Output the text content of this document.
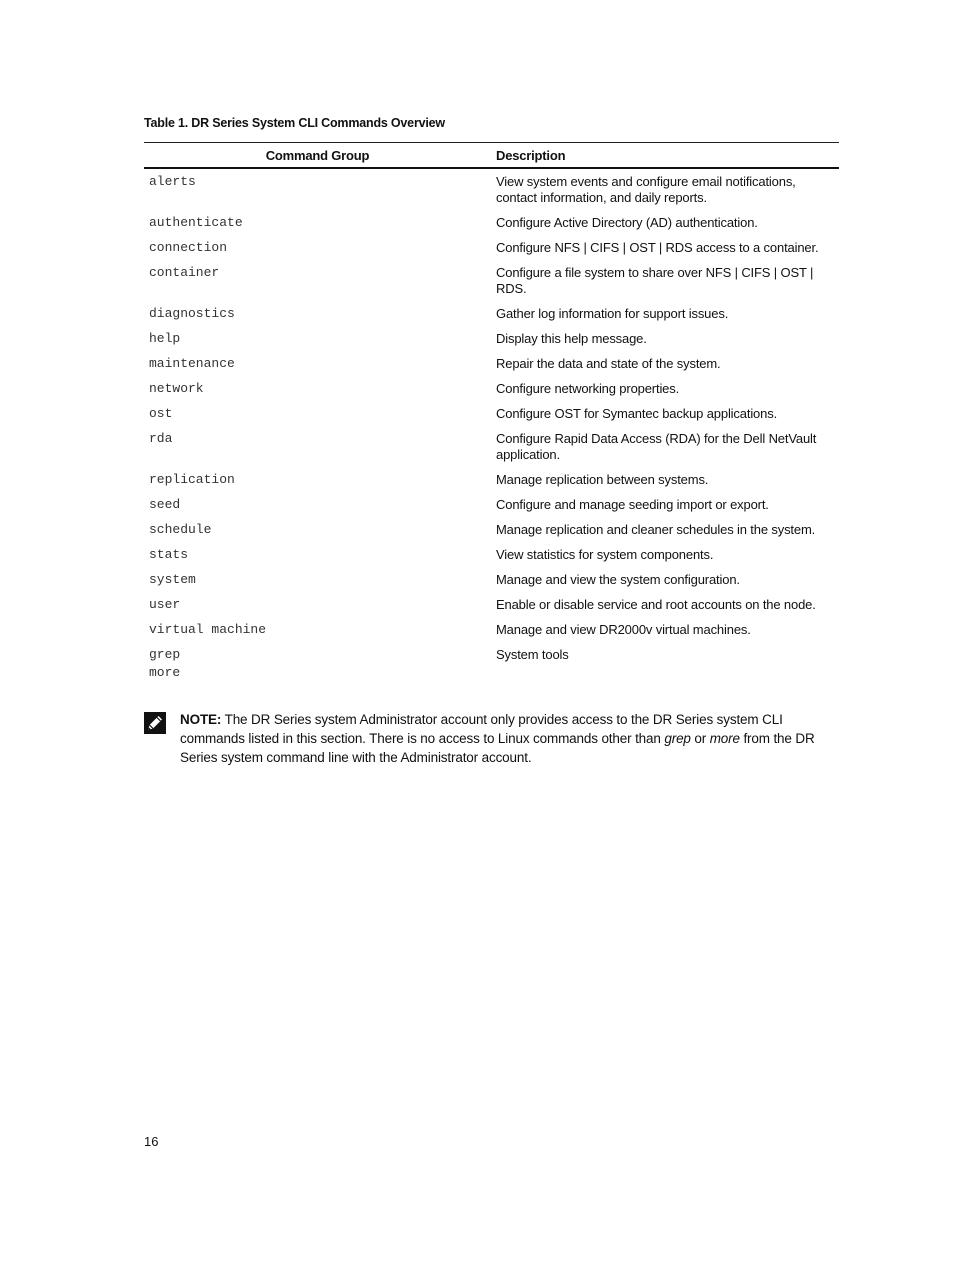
Table 1. DR Series System CLI Commands Overview
Command Group	Description

alerts	View system events and configure email notifications, contact information, and daily reports.

authenticate	Configure Active Directory (AD) authentication.

connection	Configure NFS | CIFS | OST | RDS access to a container.

container	Configure a file system to share over NFS | CIFS | OST | RDS.

diagnostics	Gather log information for support issues.

help	Display this help message.

maintenance	Repair the data and state of the system.

network	Configure networking properties.

ost	Configure OST for Symantec backup applications.

rda	Configure Rapid Data Access (RDA) for the Dell NetVault application.

replication	Manage replication between systems.

seed	Configure and manage seeding import or export.

schedule	Manage replication and cleaner schedules in the system.

stats	View statistics for system components.

system	Manage and view the system configuration.

user	Enable or disable service and root accounts on the node.

virtual machine	Manage and view DR2000v virtual machines.

grep
more	System tools
NOTE: The DR Series system Administrator account only provides access to the DR Series system CLI commands listed in this section. There is no access to Linux commands other than grep or more from the DR Series system command line with the Administrator account.
16
